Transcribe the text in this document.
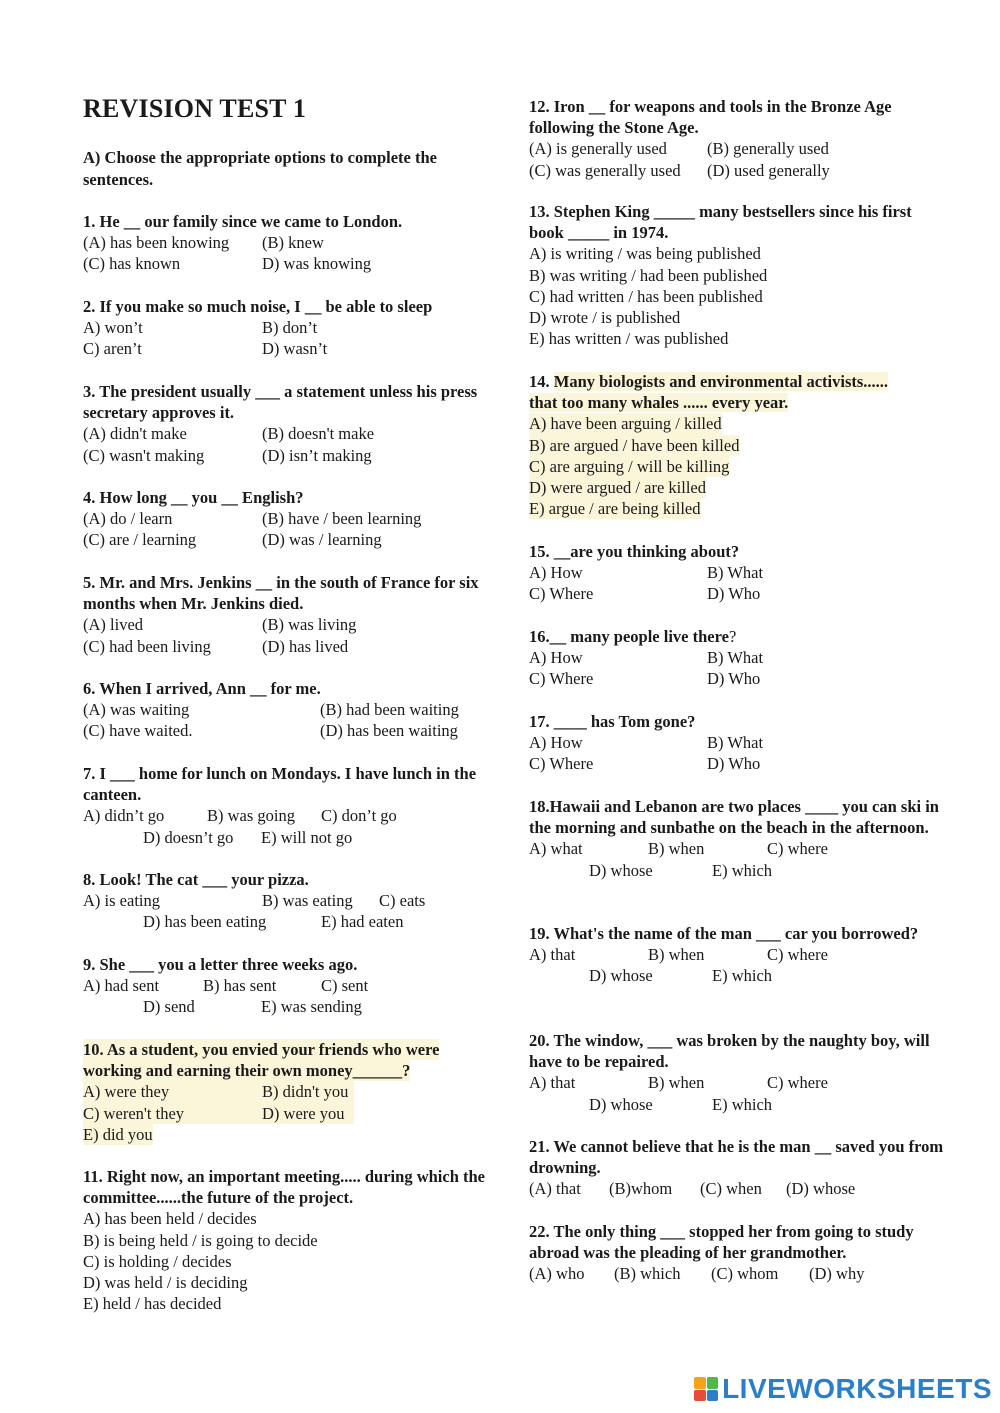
REVISION TEST 1
A) Choose the appropriate options to complete the sentences.
1. He __ our family since we came to London.
(A) has been knowing (B) knew
(C) has known	D) was knowing
2. If you make so much noise, I __ be able to sleep
A) won’t	B) don’t
C) aren’t	D) wasn’t
3. The president usually ___ a statement unless his press secretary approves it.
(A) didn't make	(B) doesn't make
(C) wasn't making	(D) isn’t making
4. How long __ you __ English?
(A) do / learn	(B) have / been learning
(C) are / learning	(D) was / learning
5. Mr. and Mrs. Jenkins __ in the south of France for six months when Mr. Jenkins died.
(A) lived	(B) was living
(C) had been living	(D) has lived
6. When I arrived, Ann __ for me.
(A) was waiting	(B) had been waiting
(C) have waited.	(D) has been waiting
7. I ___ home for lunch on Mondays. I have lunch in the canteen.
A) didn’t go	B) was going C) don’t go
D) doesn’t go E) will not go
8. Look! The cat ___ your pizza.
A) is eating	B) was eating C) eats
D) has been eating	E) had eaten
9. She ___ you a letter three weeks ago.
A) had sent	B) has sent	C) sent
D) send	E) was sending
10. As a student, you envied your friends who were
working and earning their own money______?
A) were they	B) didn't you
C) weren't they	D) were you
E) did you
11. Right now, an important meeting..... during which the committee......the future of the project.
A) has been held / decides
B) is being held / is going to decide
C) is holding / decides
D) was held / is deciding
E) held / has decided
12. Iron __ for weapons and tools in the Bronze Age following the Stone Age.
(A) is generally used (B) generally used
(C) was generally used (D) used generally
13. Stephen King _____ many bestsellers since his first book _____ in 1974.
A) is writing / was being published
B) was writing / had been published
C) had written / has been published
D) wrote / is published
E) has written / was published
14. Many biologists and environmental activists......
that too many whales ...... every year.
A) have been arguing / killed
B) are argued / have been killed
C) are arguing / will be killing
D) were argued / are killed
E) argue / are being killed
15. __are you thinking about?
A) How	B) What
C) Where	D) Who
16.__ many people live there?
A) How	B) What
C) Where	D) Who
17. ____ has Tom gone?
A) How	B) What
C) Where	D) Who
18.Hawaii and Lebanon are two places ____ you can ski in the morning and sunbathe on the beach in the afternoon.
A) what	B) when	C) where
D) whose	E) which
19. What's the name of the man ___ car you borrowed?
A) that	B) when	C) where
D) whose	E) which
20. The window, ___ was broken by the naughty boy, will have to be repaired.
A) that	B) when	C) where
D) whose	E) which
21. We cannot believe that he is the man __ saved you from drowning.
(A) that (B)whom (C) when (D) whose
22. The only thing ___ stopped her from going to study abroad was the pleading of her grandmother.
(A) who (B) which (C) whom (D) why
LIVEWORKSHEETS
